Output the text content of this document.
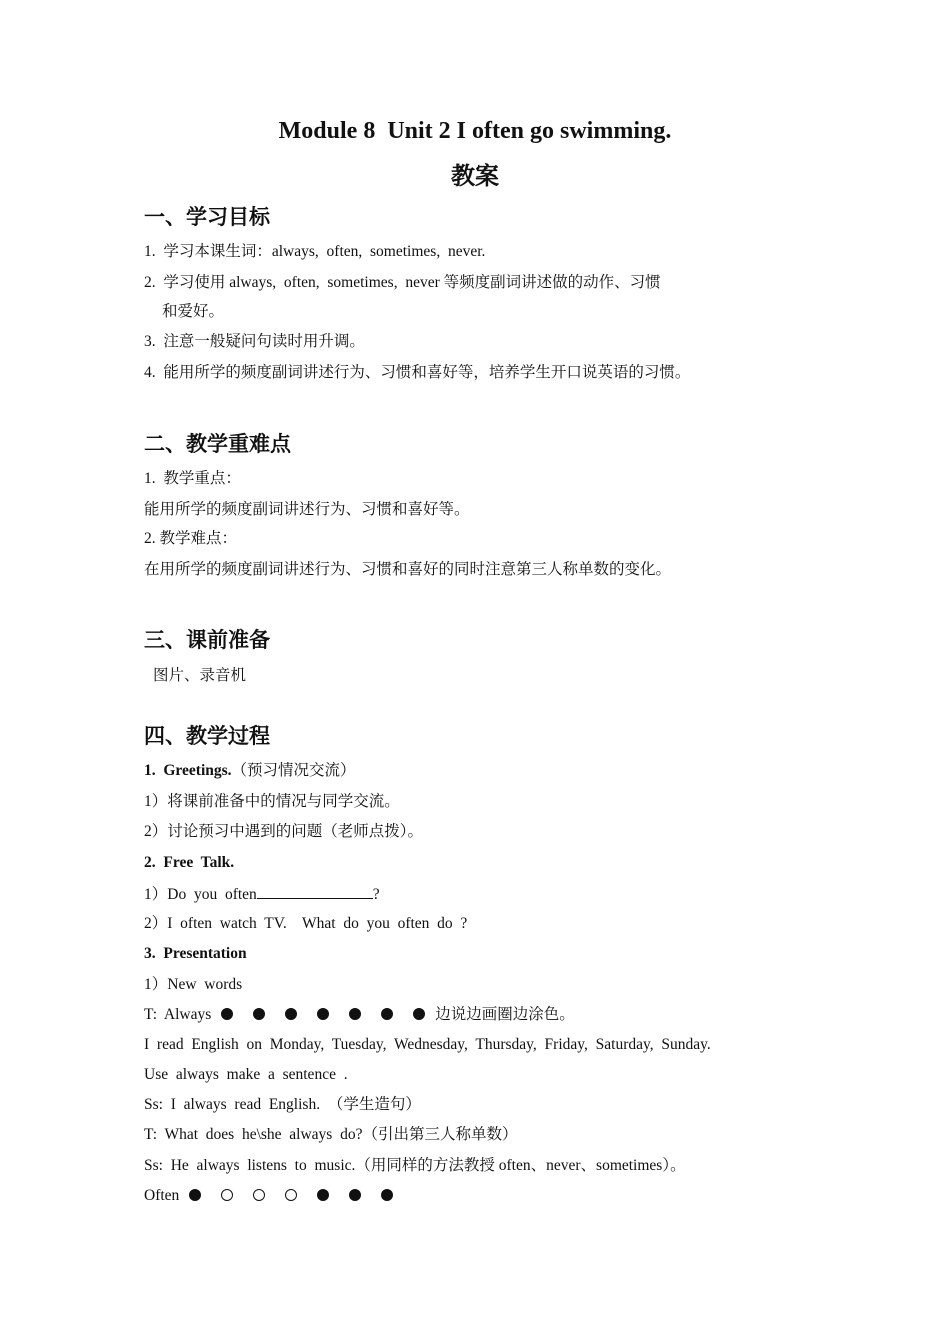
Module 8  Unit 2 I often go swimming.
教案
一、学习目标
1.  学习本课生词：always,  often,  sometimes,  never.
2.  学习使用 always,  often,  sometimes,  never 等频度副词讲述做的动作、习惯
和爱好。
3.  注意一般疑问句读时用升调。
4.  能用所学的频度副词讲述行为、习惯和喜好等，培养学生开口说英语的习惯。
二、教学重难点
1.  教学重点：
能用所学的频度副词讲述行为、习惯和喜好等。
2. 教学难点：
在用所学的频度副词讲述行为、习惯和喜好的同时注意第三人称单数的变化。
三、课前准备
图片、录音机
四、教学过程
1.  Greetings.（预习情况交流）
1）将课前准备中的情况与同学交流。
2）讨论预习中遇到的问题（老师点拨）。
2.  Free  Talk.
1）Do  you  often	?
2）I  often  watch  TV.    What  do  you  often  do  ?
3.  Presentation
1）New  words
T:  Always	边说边画圈边涂色。
I  read  English  on  Monday,  Tuesday,  Wednesday,  Thursday,  Friday,  Saturday,  Sunday.
Use  always  make  a  sentence  .
Ss:  I  always  read  English.  （学生造句）
T:  What  does  he\she  always  do?（引出第三人称单数）
Ss:  He  always  listens  to  music.（用同样的方法教授 often、never、sometimes）。
Often
